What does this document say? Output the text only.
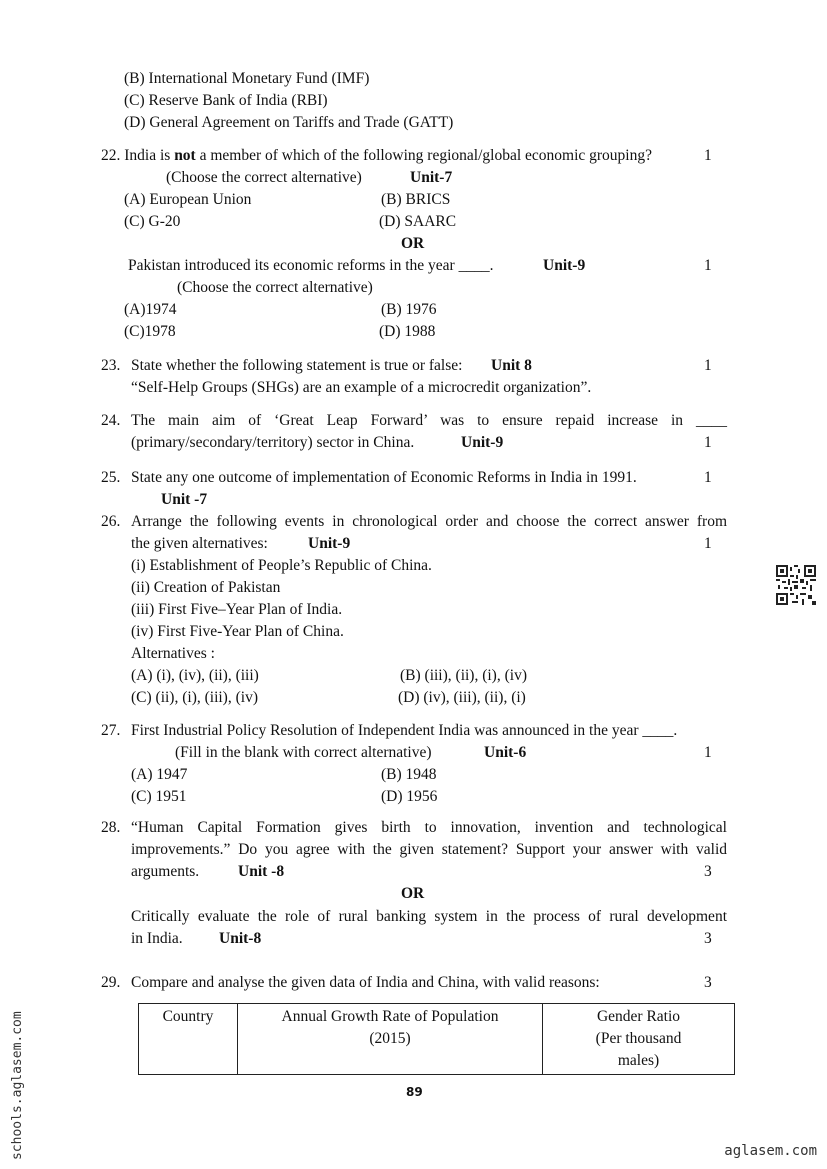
(B) International Monetary Fund (IMF)
(C) Reserve Bank of India (RBI)
(D) General Agreement on Tariffs and Trade (GATT)
22. India is not a member of which of the following regional/global economic grouping?	1
(Choose the correct alternative)	Unit-7
(A) European Union	(B) BRICS
(C) G-20	(D) SAARC
OR
Pakistan introduced its economic reforms in the year ____.	Unit-9	1
(Choose the correct alternative)
(A)1974	(B) 1976
(C)1978	(D) 1988
23. State whether the following statement is true or false: Unit 8	1
“Self-Help Groups (SHGs) are an example of a microcredit organization”.
24. The main aim of ‘Great Leap Forward’ was to ensure repaid increase in ____
(primary/secondary/territory) sector in China.	Unit-9	1
25. State any one outcome of implementation of Economic Reforms in India in 1991.	1
Unit -7
26. Arrange the following events in chronological order and choose the correct answer from
the given alternatives:	Unit-9	1
(i) Establishment of People’s Republic of China.
(ii) Creation of Pakistan
(iii) First Five–Year Plan of India.
(iv) First Five-Year Plan of China.
Alternatives :
(A) (i), (iv), (ii), (iii)	(B) (iii), (ii), (i), (iv)
(C) (ii), (i), (iii), (iv)	(D) (iv), (iii), (ii), (i)
27. First Industrial Policy Resolution of Independent India was announced in the year ____.
(Fill in the blank with correct alternative)	Unit-6	1
(A) 1947	(B) 1948
(C) 1951	(D) 1956
28. “Human Capital Formation gives birth to innovation, invention and technological
improvements.” Do you agree with the given statement? Support your answer with valid
arguments.	Unit -8	3
OR
Critically evaluate the role of rural banking system in the process of rural development
in India. Unit-8	3
29. Compare and analyse the given data of India and China, with valid reasons:	3
Country	Annual Growth Rate of Population (2015)	Gender Ratio (Per thousand males)
89
schools.aglasem.com	aglasem.com
